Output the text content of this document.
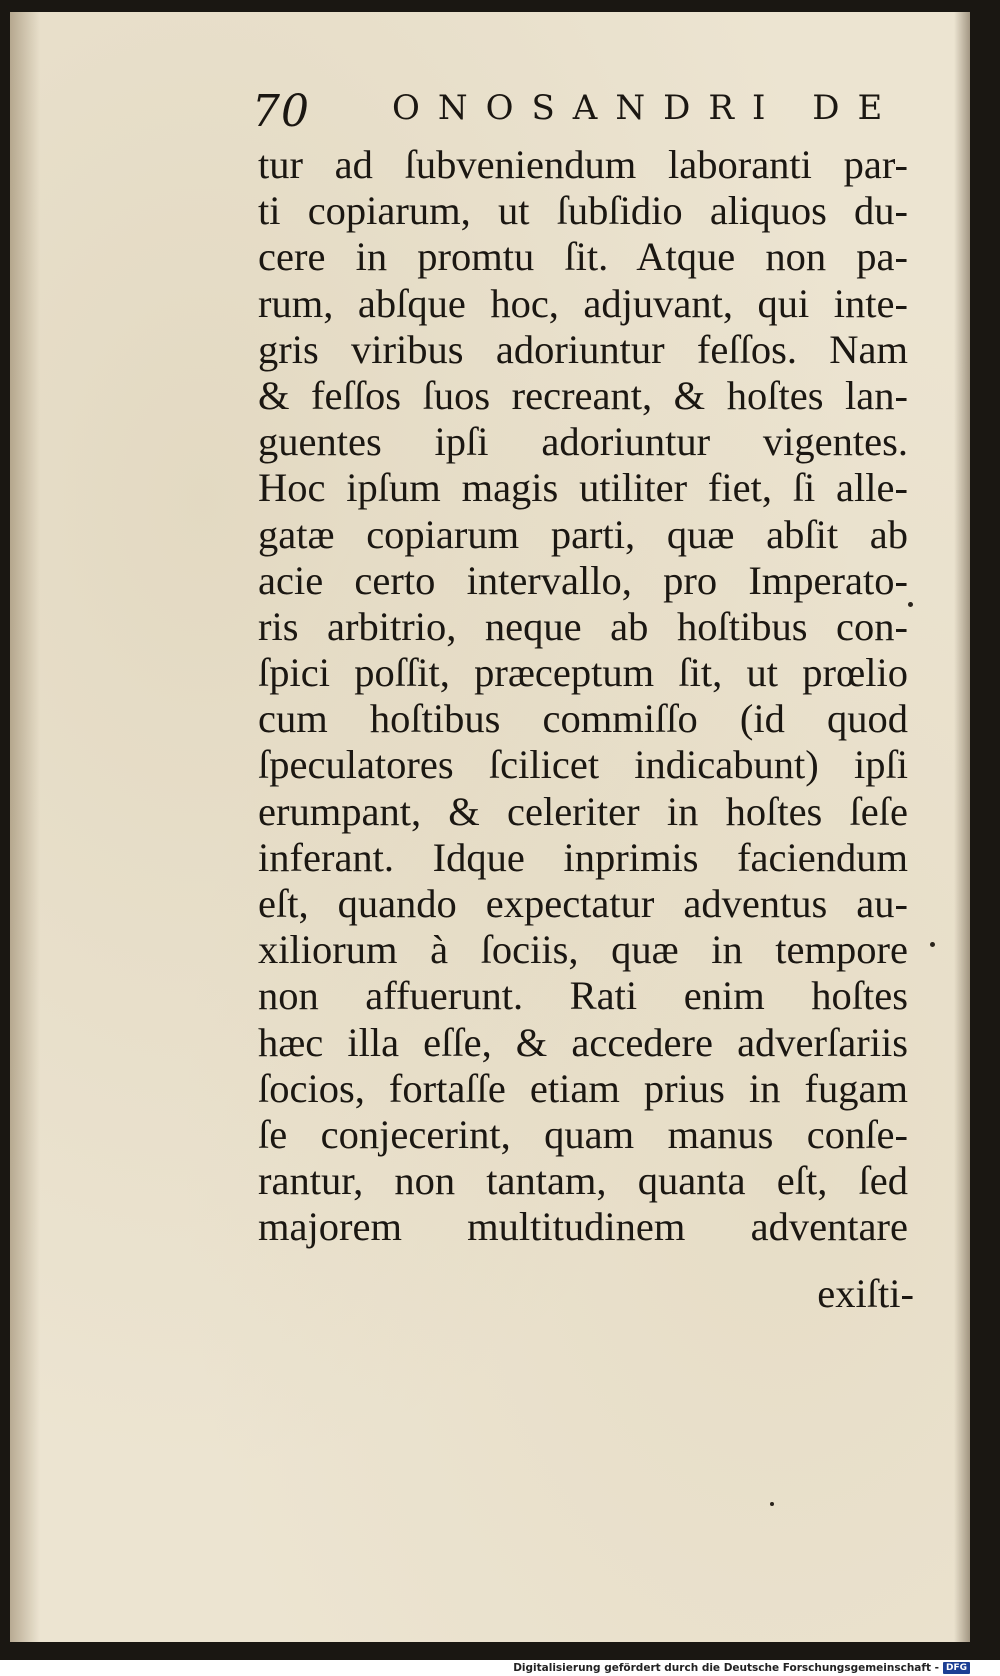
70 ONOSANDRI DE
tur ad ſubveniendum laboranti par-
ti copiarum, ut ſubſidio aliquos du-
cere in promtu ſit. Atque non pa-
rum, abſque hoc, adjuvant, qui inte-
gris viribus adoriuntur feſſos. Nam
& feſſos ſuos recreant, & hoſtes lan-
guentes ipſi adoriuntur vigentes.
Hoc ipſum magis utiliter fiet, ſi alle-
gatæ copiarum parti, quæ abſit ab
acie certo intervallo, pro Imperato-
ris arbitrio, neque ab hoſtibus con-
ſpici poſſit, præceptum ſit, ut prœlio
cum hoſtibus commiſſo (id quod
ſpeculatores ſcilicet indicabunt) ipſi
erumpant, & celeriter in hoſtes ſeſe
inferant. Idque inprimis faciendum
eſt, quando expectatur adventus au-
xiliorum à ſociis, quæ in tempore
non affuerunt. Rati enim hoſtes
hæc illa eſſe, & accedere adverſariis
ſocios, fortaſſe etiam prius in fugam
ſe conjecerint, quam manus conſe-
rantur, non tantam, quanta eſt, ſed
majorem multitudinem adventare
exiſti-
Digitalisierung gefördert durch die Deutsche Forschungsgemeinschaft - DFG
